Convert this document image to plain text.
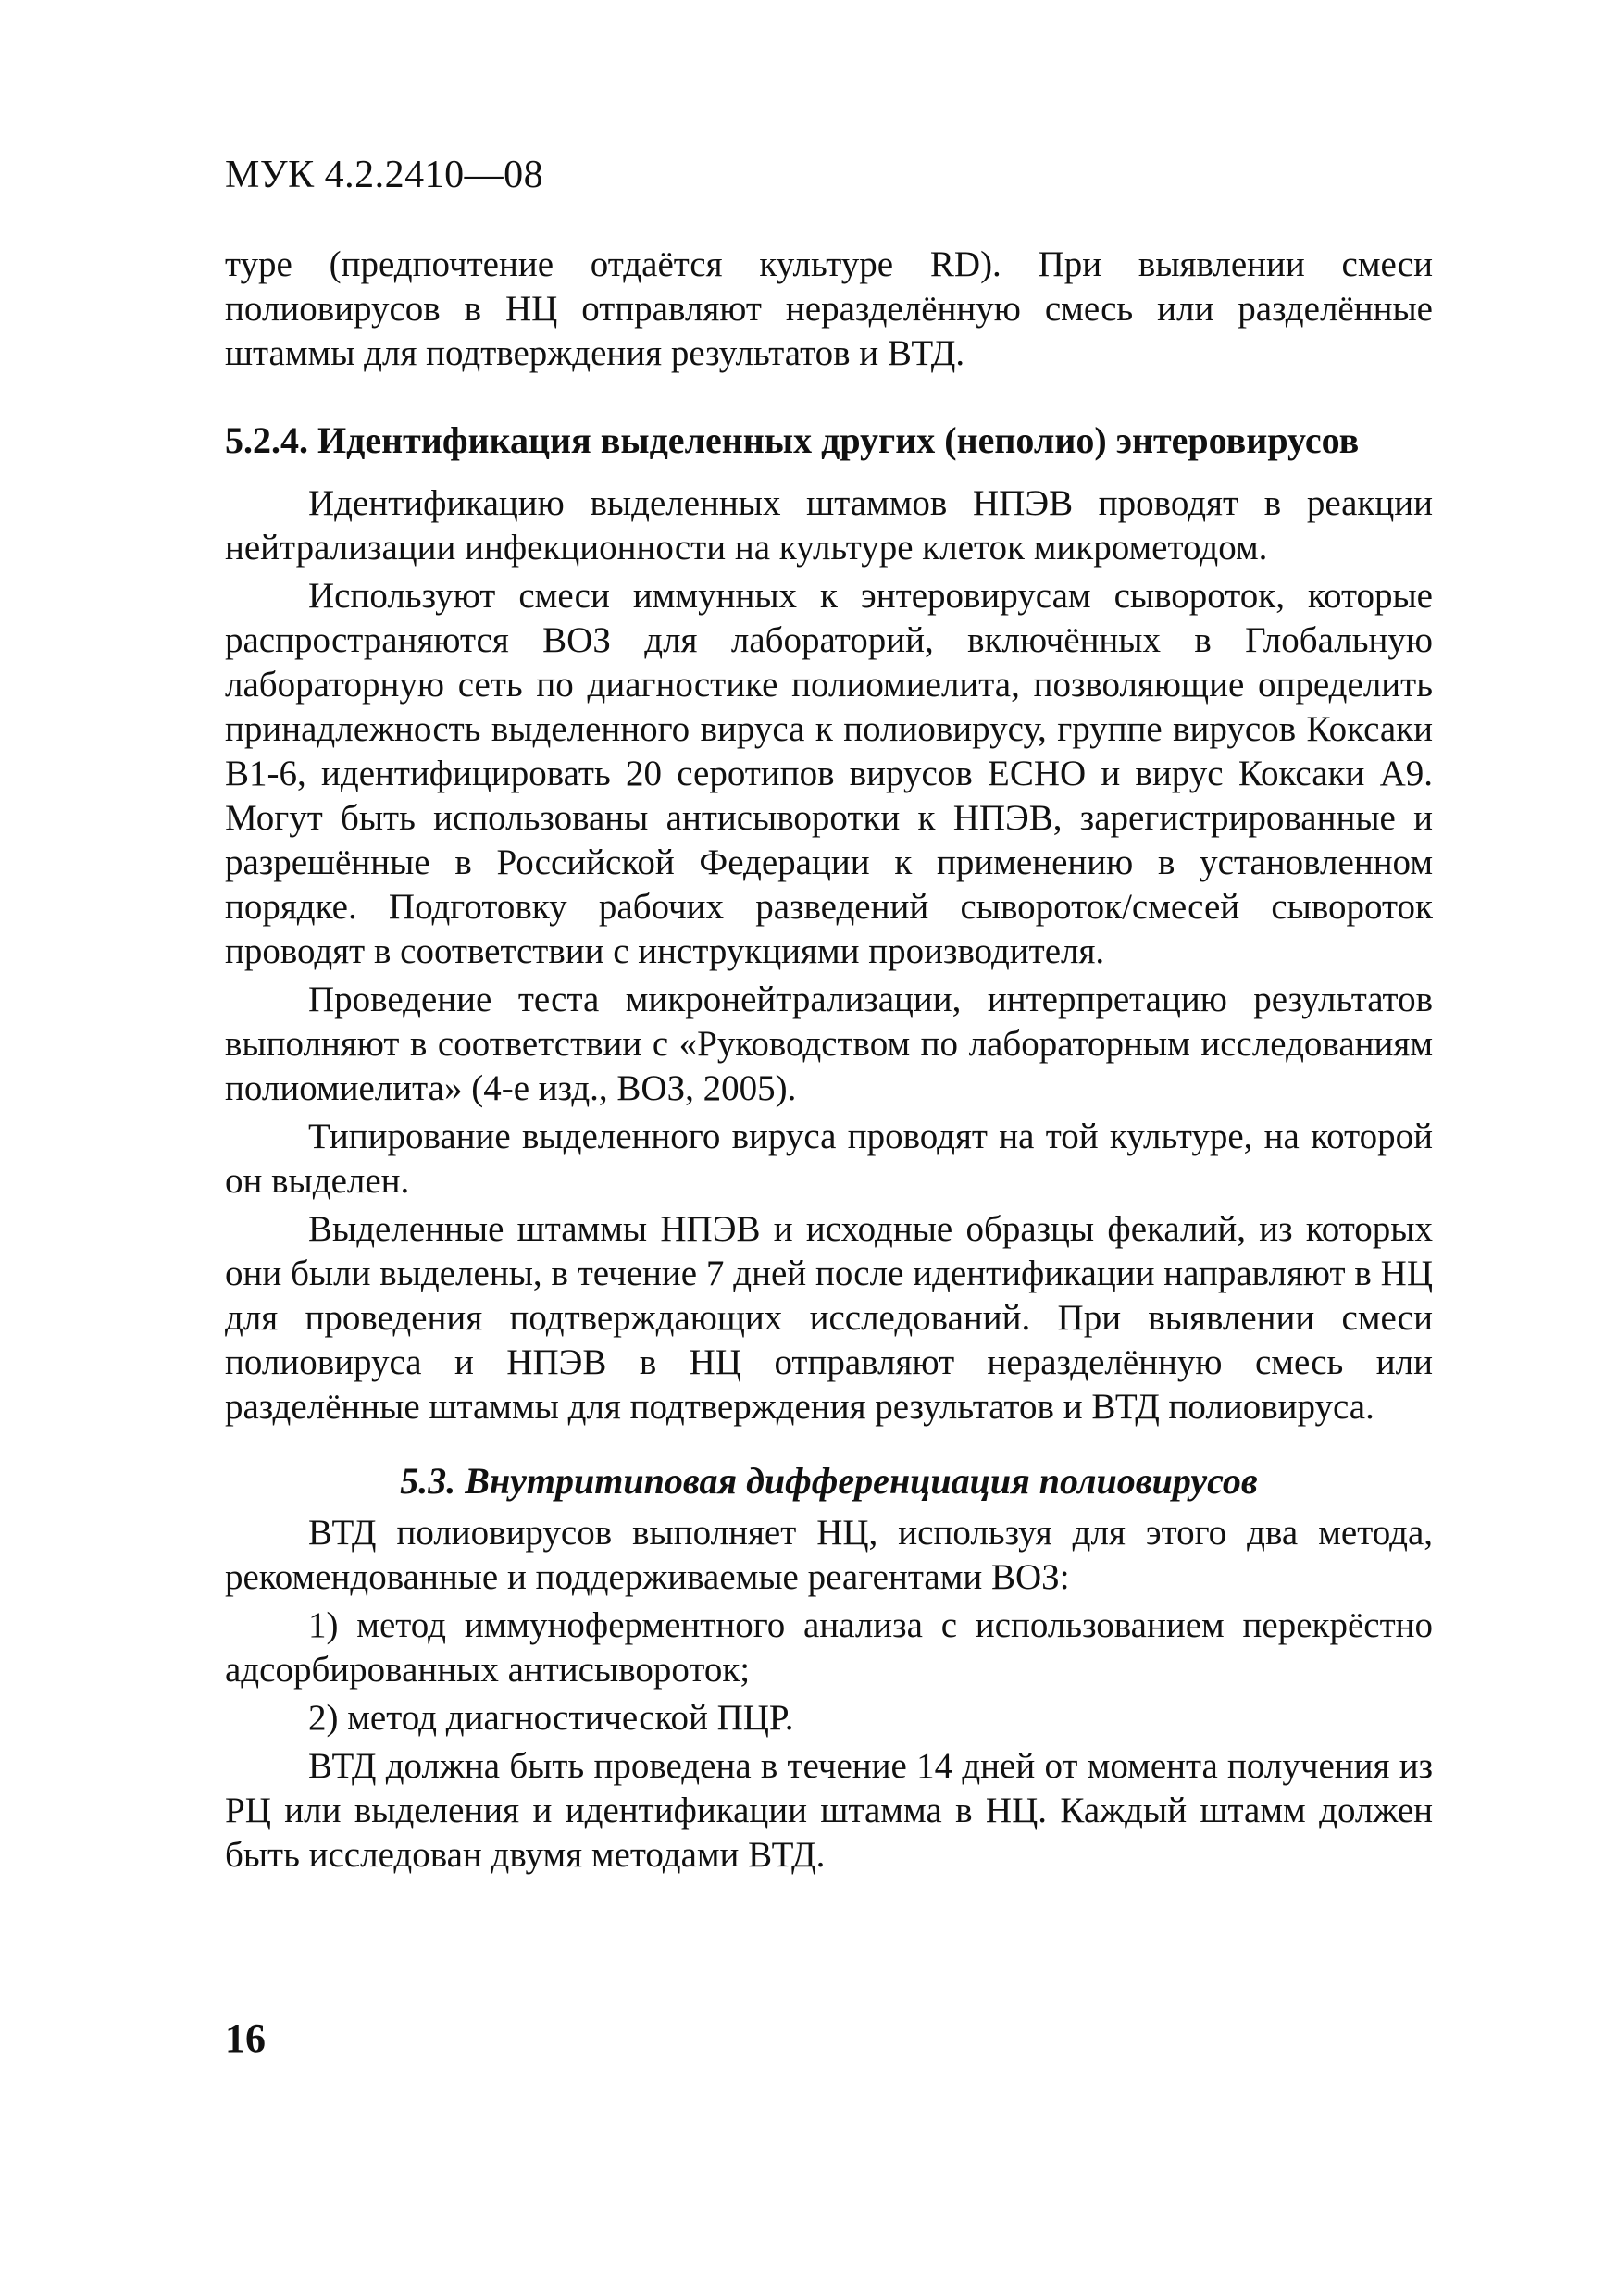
МУК 4.2.2410—08

туре (предпочтение отдаётся культуре RD). При выявлении смеси полиовирусов в НЦ отправляют неразделённую смесь или разделённые штаммы для подтверждения результатов и ВТД.

5.2.4. Идентификация выделенных других (неполио) энтеровирусов

Идентификацию выделенных штаммов НПЭВ проводят в реакции нейтрализации инфекционности на культуре клеток микрометодом.

Используют смеси иммунных к энтеровирусам сывороток, которые распространяются ВОЗ для лабораторий, включённых в Глобальную лабораторную сеть по диагностике полиомиелита, позволяющие определить принадлежность выделенного вируса к полиовирусу, группе вирусов Коксаки В1-6, идентифицировать 20 серотипов вирусов ЕСНО и вирус Коксаки А9. Могут быть использованы антисыворотки к НПЭВ, зарегистрированные и разрешённые в Российской Федерации к применению в установленном порядке. Подготовку рабочих разведений сывороток/смесей сывороток проводят в соответствии с инструкциями производителя.

Проведение теста микронейтрализации, интерпретацию результатов выполняют в соответствии с «Руководством по лабораторным исследованиям полиомиелита» (4-е изд., ВОЗ, 2005).

Типирование выделенного вируса проводят на той культуре, на которой он выделен.

Выделенные штаммы НПЭВ и исходные образцы фекалий, из которых они были выделены, в течение 7 дней после идентификации направляют в НЦ для проведения подтверждающих исследований. При выявлении смеси полиовируса и НПЭВ в НЦ отправляют неразделённую смесь или разделённые штаммы для подтверждения результатов и ВТД полиовируса.

5.3. Внутритиповая дифференциация полиовирусов

ВТД полиовирусов выполняет НЦ, используя для этого два метода, рекомендованные и поддерживаемые реагентами ВОЗ:

1) метод иммуноферментного анализа с использованием перекрёстно адсорбированных антисывороток;

2) метод диагностической ПЦР.

ВТД должна быть проведена в течение 14 дней от момента получения из РЦ или выделения и идентификации штамма в НЦ. Каждый штамм должен быть исследован двумя методами ВТД.

16
